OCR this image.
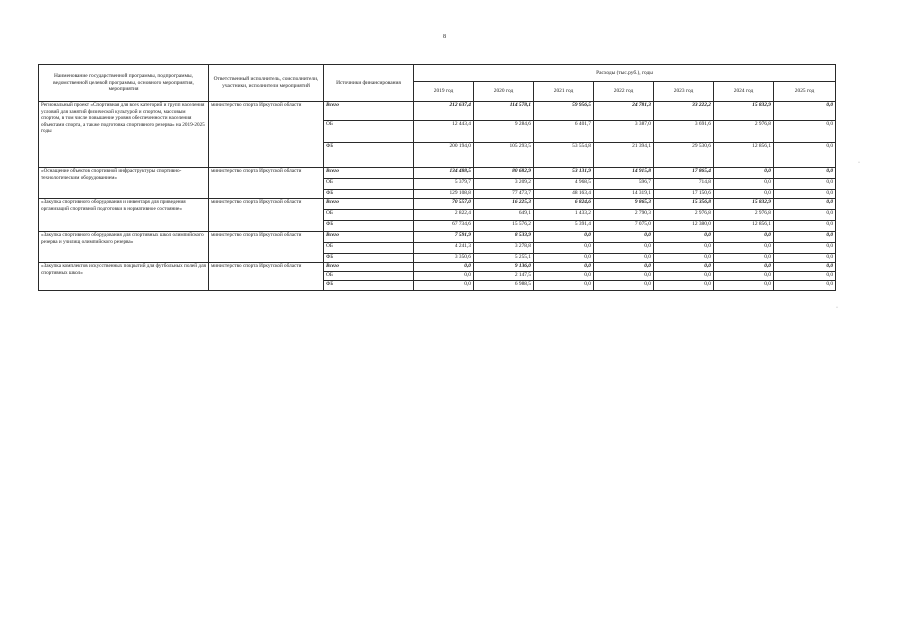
8
·
·
Наименование государственной программы, подпрограммы, ведомственной целевой программы, основного мероприятия, мероприятия	Ответственный исполнитель, соисполнители, участники, исполнители мероприятий	Источники финансирования	Расходы (тыс.руб.), годы						
			2019 год	2020 год	2021 год	2022 год	2023 год	2024 год	2025 год
Региональный проект «Спортивная для всех категорий и групп населения условий для занятий физической культурой и спортом, массовым спортом, в том числе повышение уровня обеспеченности населения объектами спорта, а также подготовка спортивного резерва» на 2019-2025 годы	министерство спорта Иркутской области	Всего	212 637,4	114 578,1	59 956,5	24 781,3	33 222,2	15 832,9	0,0
		ОБ	12 443,4	9 284,6	6 401,7	3 387,0	3 691,6	2 976,8	0,0
		ФБ	200 194,0	105 293,5	53 554,8	21 394,1	29 530,6	12 856,1	0,0
«Оснащение объектов спортивной инфраструктуры спортивно-технологическим оборудованием»	министерство спорта Иркутской области	Всего	134 488,5	80 682,9	53 131,9	14 915,8	17 865,4	0,0	0,0
		ОБ	5 379,7	3 209,2	4 968,5	596,7	714,8	0,0	0,0
		ФБ	129 108,8	77 473,7	48 163,4	14 319,1	17 150,6	0,0	0,0
«Закупка спортивного оборудования и инвентаря для приведения организаций спортивной подготовки в нормативное состояние»	министерство спорта Иркутской области	Всего	70 557,0	16 225,3	6 824,6	9 865,3	15 356,8	15 832,9	0,0
		ОБ	2 822,4	649,1	1 433,2	2 790,3	2 976,8	2 976,8	0,0
		ФБ	67 734,6	15 576,2	5 391,4	7 075,0	12 380,0	12 856,1	0,0
«Закупка спортивного оборудования для спортивных школ олимпийского резерва и училищ олимпийского резерва»	министерство спорта Иркутской области	Всего	7 591,9	8 533,9	0,0	0,0	0,0	0,0	0,0
		ОБ	4 241,3	3 278,8	0,0	0,0	0,0	0,0	0,0
		ФБ	3 350,6	5 255,1	0,0	0,0	0,0	0,0	0,0
«Закупка комплектов искусственных покрытий для футбольных полей для спортивных школ»	министерство спорта Иркутской области	Всего	0,0	9 136,0	0,0	0,0	0,0	0,0	0,0
		ОБ	0,0	2 147,5	0,0	0,0	0,0	0,0	0,0
		ФБ	0,0	6 988,5	0,0	0,0	0,0	0,0	0,0
